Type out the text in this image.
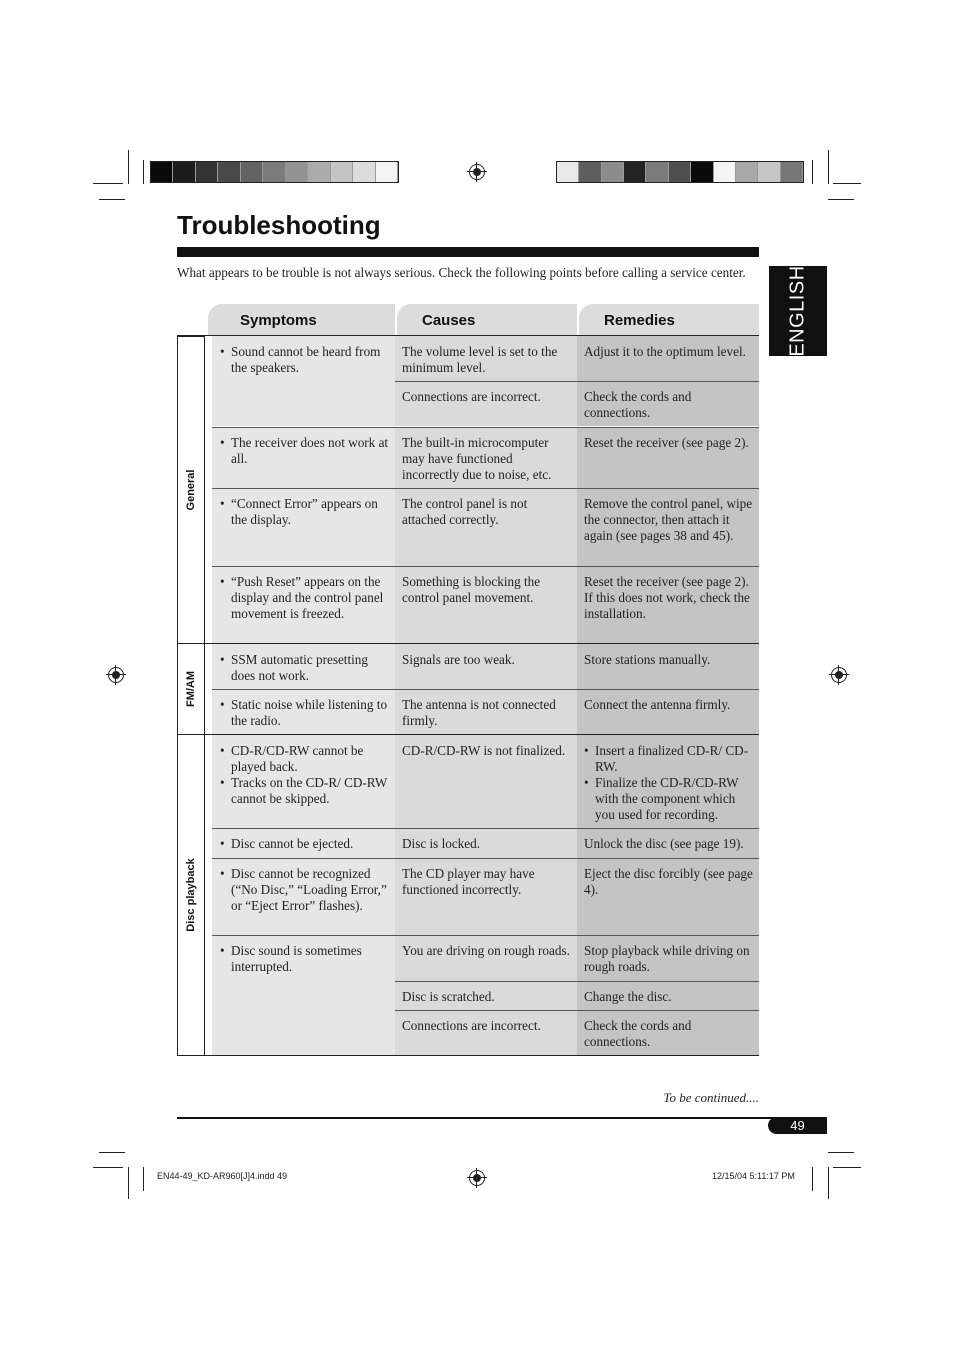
Troubleshooting
What appears to be trouble is not always serious. Check the following points before calling a service center.	ENGLISH
Symptoms	Causes	Remedies
General
FM/AM
Disc playback
• Sound cannot be heard from the speakers.
The volume level is set to the minimum level.
Adjust it to the optimum level.
Connections are incorrect.	Check the cords and connections.
• The receiver does not work at all.
The built-in microcomputer may have functioned incorrectly due to noise, etc.
Reset the receiver (see page 2).
• “Connect Error” appears on the display.
The control panel is not attached correctly.
Remove the control panel, wipe the connector, then attach it again (see pages 38 and 45).
• “Push Reset” appears on the display and the control panel movement is freezed.
Something is blocking the control panel movement.
Reset the receiver (see page 2). If this does not work, check the installation.
• SSM automatic presetting does not work.
Signals are too weak.	Store stations manually.
• Static noise while listening to the radio.
The antenna is not connected firmly.
Connect the antenna firmly.
• CD-R/CD-RW cannot be played back.
• Tracks on the CD-R/ CD-RW cannot be skipped.
CD-R/CD-RW is not finalized.
•	Insert a finalized CD-R/ CD-RW.
• Finalize the CD-R/CD-RW with the component which you used for recording.
• Disc cannot be ejected.	Disc is locked.	Unlock the disc (see page 19).
• Disc cannot be recognized (“No Disc,” “Loading Error,” or “Eject Error” flashes).
The CD player may have functioned incorrectly.
Eject the disc forcibly (see page 4).
• Disc sound is sometimes interrupted.
You are driving on rough roads.	Stop playback while driving on rough roads.
Disc is scratched.	Change the disc.
Connections are incorrect.	Check the cords and connections.
To be continued....
49
EN44-49_KD-AR960[J]4.indd 49	12/15/04 5:11:17 PM
